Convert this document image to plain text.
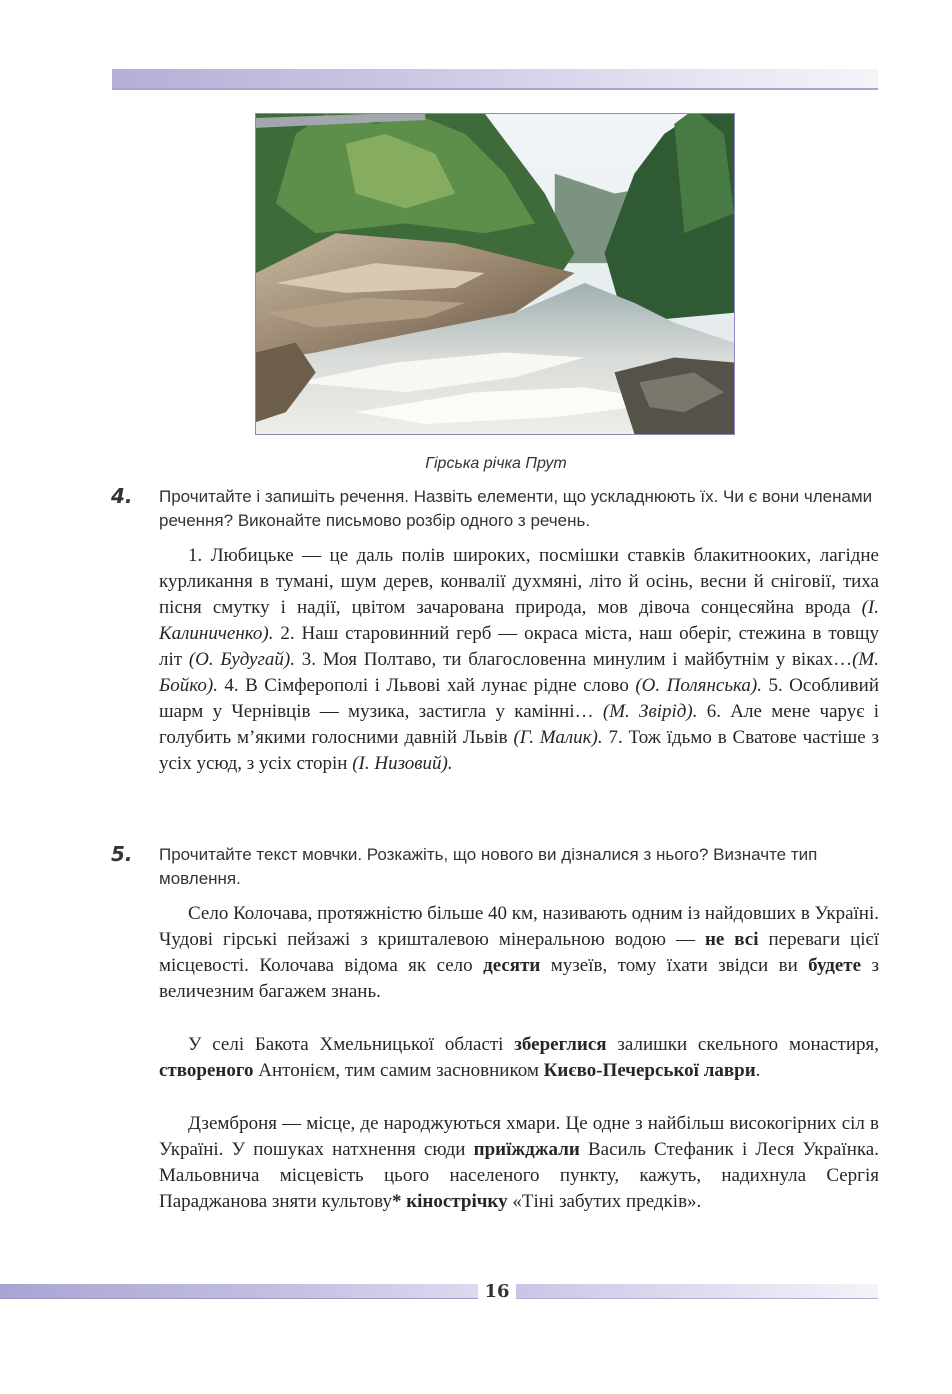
Гірська річка Прут
4. Прочитайте і запишіть речення. Назвіть елементи, що ускладнюють їх. Чи є вони членами речення? Виконайте письмово розбір одного з речень.
1. Любицьке — це даль полів широких, посмішки ставків блакитнооких, лагідне курликання в тумані, шум дерев, конвалії духмяні, літо й осінь, весни й сніговії, тиха пісня смутку і надії, цвітом зачарована природа, мов дівоча сонцесяйна врода (І. Калиниченко). 2. Наш старовинний герб — окраса міста, наш оберіг, стежина в товщу літ (О. Будугай). 3. Моя Полтаво, ти благословенна минулим і майбутнім у віках…(М. Бойко). 4. В Сімферополі і Львові хай лунає рідне слово (О. Полянська). 5. Особливий шарм у Чернівців — музика, застигла у камінні… (М. Звірід). 6. Але мене чарує і голубить м’якими голосними давній Львів (Г. Малик). 7. Тож їдьмо в Сватове частіше з усіх усюд, з усіх сторін (І. Низовий).
5. Прочитайте текст мовчки. Розкажіть, що нового ви дізналися з нього? Визначте тип мовлення.
Село Колочава, протяжністю більше 40 км, називають одним із найдовших в Україні. Чудові гірські пейзажі з кришталевою мінеральною водою — не всі переваги цієї місцевості. Колочава відома як село десяти музеїв, тому їхати звідси ви будете з величезним багажем знань.
У селі Бакота Хмельницької області збереглися залишки скельного монастиря, створеного Антонієм, тим самим засновником Києво-Печерської лаври.
Дземброня — місце, де народжуються хмари. Це одне з найбільш високогірних сіл в Україні. У пошуках натхнення сюди приїжджали Василь Стефаник і Леся Українка. Мальовнича місцевість цього населеного пункту, кажуть, надихнула Сергія Параджанова зняти культову* кінострічку «Тіні забутих предків».
16
